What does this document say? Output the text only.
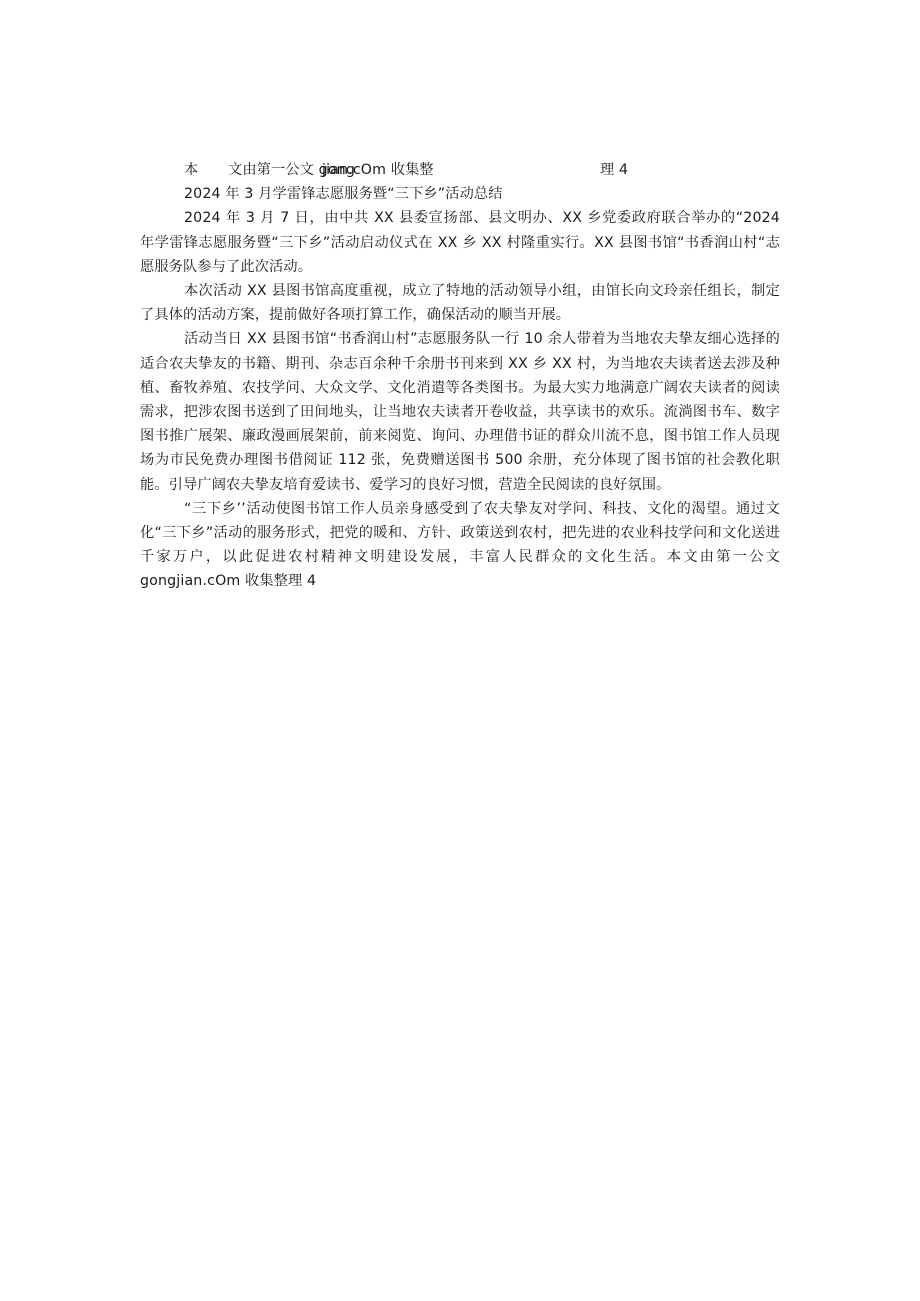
本 文由第一公文 gong
jian.cOm 收集整	理 4
2024 年 3 月学雷锋志愿服务暨“三下乡”活动总结

2024 年 3 月 7 日，由中共 XX 县委宣扬部、县文明办、XX 乡党委政府联合举办的“2024 年学雷锋志愿服务暨“三下乡”活动启动仪式在 XX 乡 XX 村隆重实行。XX 县图书馆“书香润山村“志愿服务队参与了此次活动。

本次活动 XX 县图书馆高度重视，成立了特地的活动领导小组，由馆长向文玲亲任组长，制定了具体的活动方案，提前做好各项打算工作，确保活动的顺当开展。

活动当日 XX 县图书馆“书香润山村”志愿服务队一行 10 余人带着为当地农夫挚友细心选择的适合农夫挚友的书籍、期刊、杂志百余种千余册书刊来到 XX 乡 XX 村，为当地农夫读者送去涉及种植、畜牧养殖、农技学问、大众文学、文化消遣等各类图书。为最大实力地满意广阔农夫读者的阅读需求，把涉农图书送到了田间地头，让当地农夫读者开卷收益，共享读书的欢乐。流淌图书车、数字图书推广展架、廉政漫画展架前，前来阅览、询问、办理借书证的群众川流不息，图书馆工作人员现场为市民免费办理图书借阅证 112 张，免费赠送图书 500 余册，充分体现了图书馆的社会教化职能。引导广阔农夫挚友培育爱读书、爱学习的良好习惯，营造全民阅读的良好氛围。

“三下乡’’活动使图书馆工作人员亲身感受到了农夫挚友对学问、科技、文化的渴望。通过文化“三下乡”活动的服务形式，把党的暖和、方针、政策送到农村，把先进的农业科技学问和文化送进千家万户，以此促进农村精神文明建设发展，丰富人民群众的文化生活。本文由第一公文 gongjian.cOm 收集整理 4
